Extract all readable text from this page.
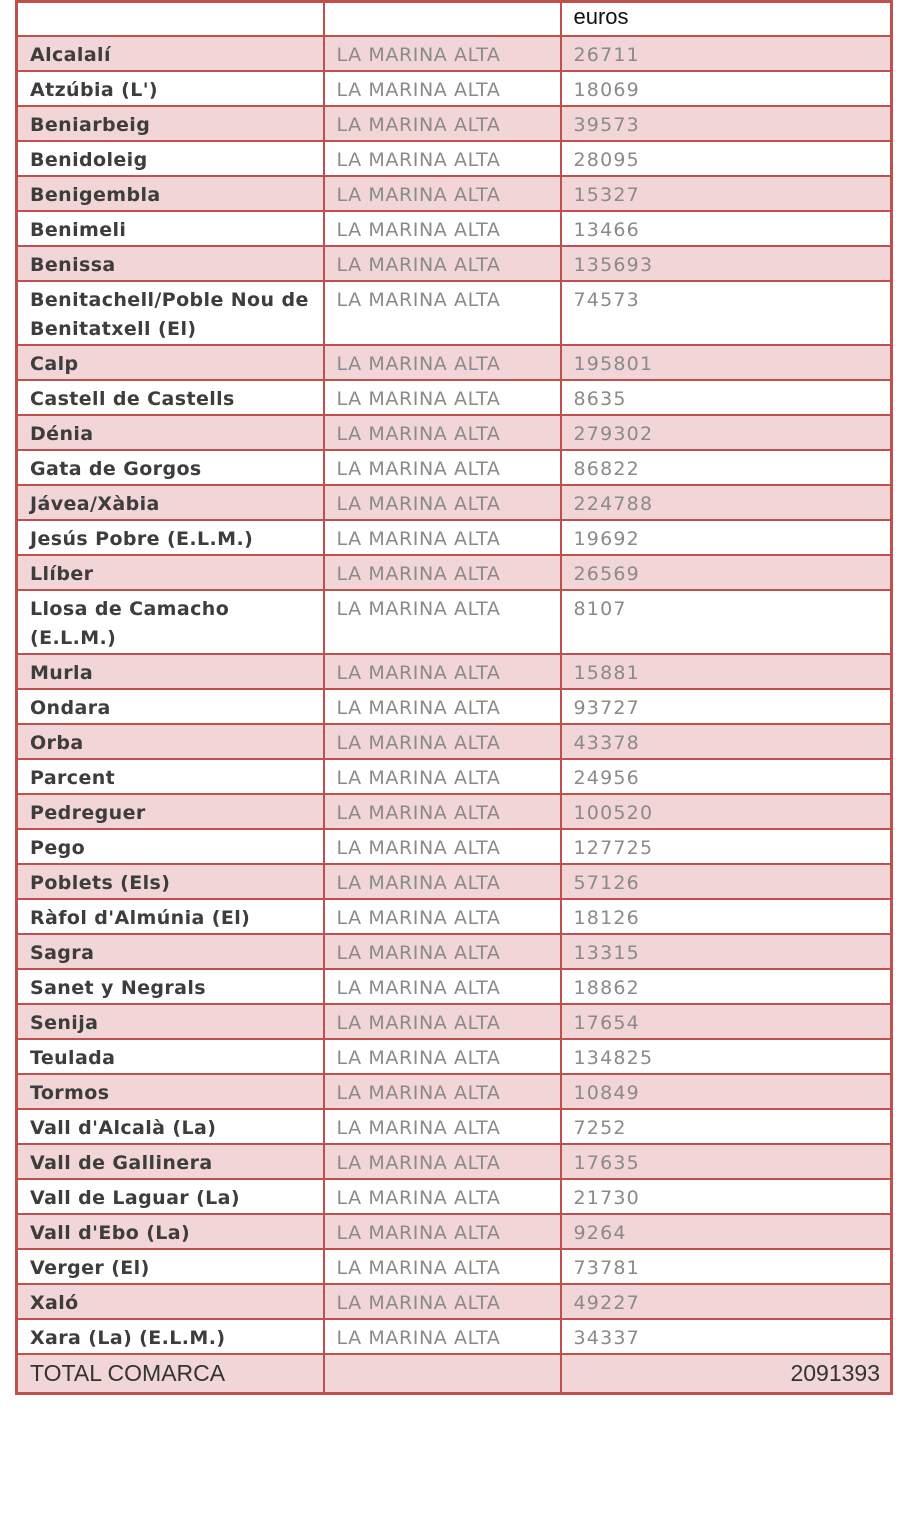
		euros
Alcalalí	LA MARINA ALTA	26711
Atzúbia (L')	LA MARINA ALTA	18069
Beniarbeig	LA MARINA ALTA	39573
Benidoleig	LA MARINA ALTA	28095
Benigembla	LA MARINA ALTA	15327
Benimeli	LA MARINA ALTA	13466
Benissa	LA MARINA ALTA	135693
Benitachell/Poble Nou de Benitatxell (El)	LA MARINA ALTA	74573
Calp	LA MARINA ALTA	195801
Castell de Castells	LA MARINA ALTA	8635
Dénia	LA MARINA ALTA	279302
Gata de Gorgos	LA MARINA ALTA	86822
Jávea/Xàbia	LA MARINA ALTA	224788
Jesús Pobre (E.L.M.)	LA MARINA ALTA	19692
Llíber	LA MARINA ALTA	26569
Llosa de Camacho (E.L.M.)	LA MARINA ALTA	8107
Murla	LA MARINA ALTA	15881
Ondara	LA MARINA ALTA	93727
Orba	LA MARINA ALTA	43378
Parcent	LA MARINA ALTA	24956
Pedreguer	LA MARINA ALTA	100520
Pego	LA MARINA ALTA	127725
Poblets (Els)	LA MARINA ALTA	57126
Ràfol d'Almúnia (El)	LA MARINA ALTA	18126
Sagra	LA MARINA ALTA	13315
Sanet y Negrals	LA MARINA ALTA	18862
Senija	LA MARINA ALTA	17654
Teulada	LA MARINA ALTA	134825
Tormos	LA MARINA ALTA	10849
Vall d'Alcalà (La)	LA MARINA ALTA	7252
Vall de Gallinera	LA MARINA ALTA	17635
Vall de Laguar (La)	LA MARINA ALTA	21730
Vall d'Ebo (La)	LA MARINA ALTA	9264
Verger (El)	LA MARINA ALTA	73781
Xaló	LA MARINA ALTA	49227
Xara (La) (E.L.M.)	LA MARINA ALTA	34337
TOTAL COMARCA		2091393
